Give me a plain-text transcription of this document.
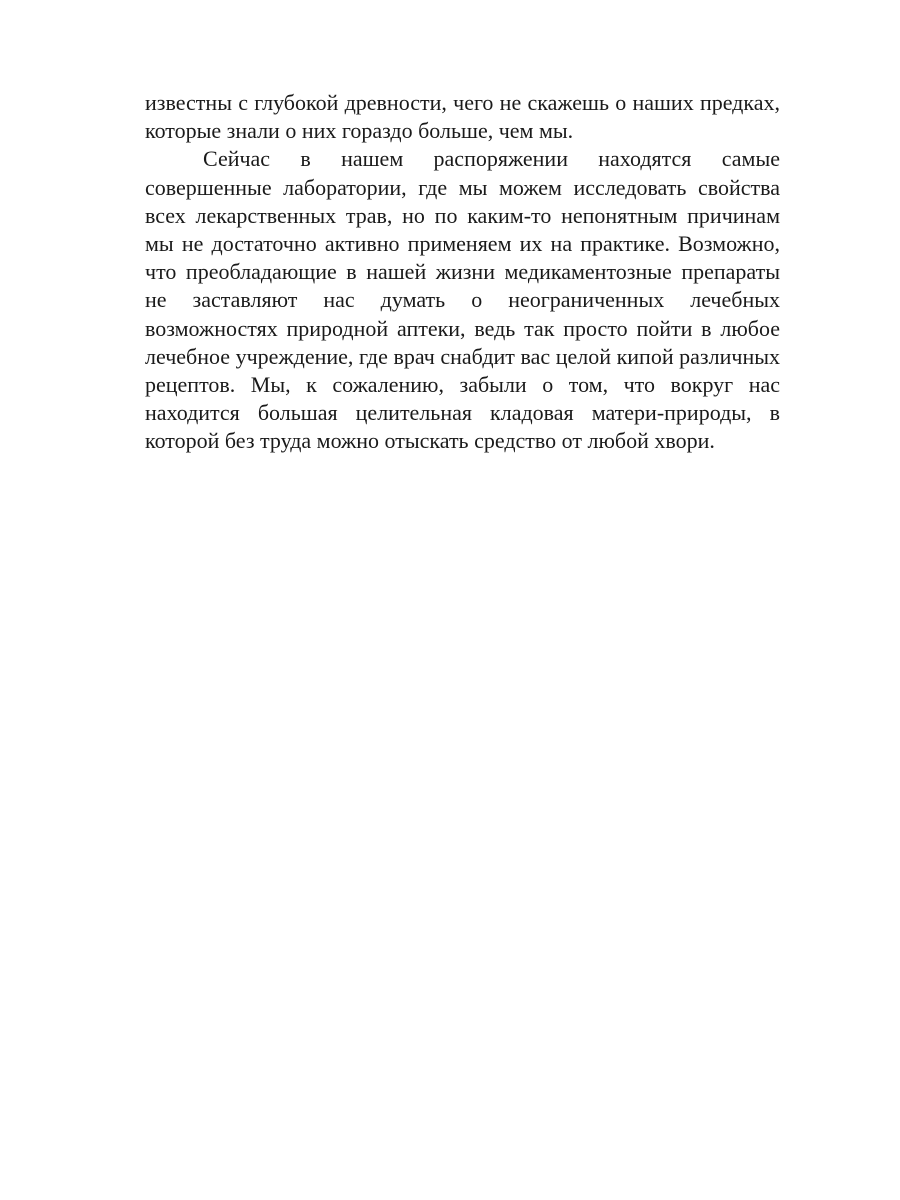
известны с глубокой древности, чего не скажешь о наших предках, которые знали о них гораздо больше, чем мы.

Сейчас в нашем распоряжении находятся самые совершенные лаборатории, где мы можем исследовать свойства всех лекарственных трав, но по каким-то непонятным причинам мы не достаточно активно применяем их на практике. Возможно, что преобладающие в нашей жизни медикаментозные препараты не заставляют нас думать о неограниченных лечебных возможностях природной аптеки, ведь так просто пойти в любое лечебное учреждение, где врач снабдит вас целой кипой различных рецептов. Мы, к сожалению, забыли о том, что вокруг нас находится большая целительная кладовая матери-природы, в которой без труда можно отыскать средство от любой хвори.
